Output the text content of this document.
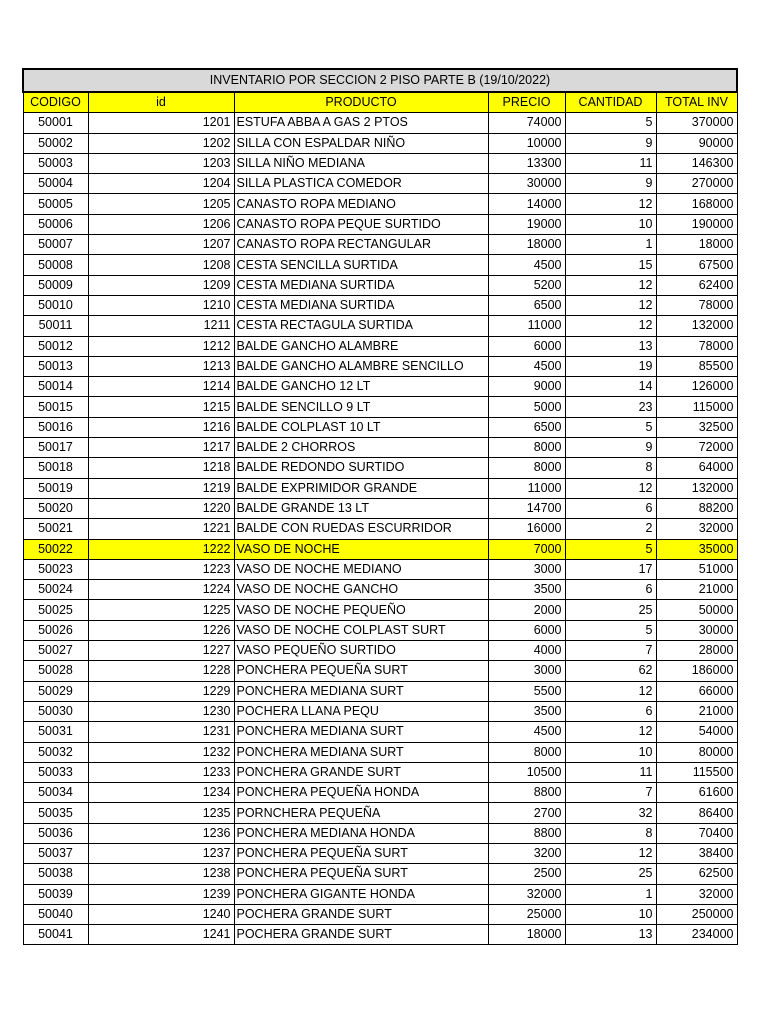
INVENTARIO POR SECCION 2 PISO PARTE B (19/10/2022)					
CODIGO	id	PRODUCTO	PRECIO	CANTIDAD	TOTAL INV
50001	1201	ESTUFA ABBA A GAS 2 PTOS	74000	5	370000
50002	1202	SILLA CON ESPALDAR NIÑO	10000	9	90000
50003	1203	SILLA NIÑO MEDIANA	13300	11	146300
50004	1204	SILLA PLASTICA COMEDOR	30000	9	270000
50005	1205	CANASTO ROPA MEDIANO	14000	12	168000
50006	1206	CANASTO ROPA PEQUE SURTIDO	19000	10	190000
50007	1207	CANASTO ROPA RECTANGULAR	18000	1	18000
50008	1208	CESTA SENCILLA SURTIDA	4500	15	67500
50009	1209	CESTA MEDIANA SURTIDA	5200	12	62400
50010	1210	CESTA MEDIANA SURTIDA	6500	12	78000
50011	1211	CESTA RECTAGULA SURTIDA	11000	12	132000
50012	1212	BALDE GANCHO ALAMBRE	6000	13	78000
50013	1213	BALDE GANCHO ALAMBRE SENCILLO	4500	19	85500
50014	1214	BALDE GANCHO 12 LT	9000	14	126000
50015	1215	BALDE SENCILLO 9 LT	5000	23	115000
50016	1216	BALDE COLPLAST 10 LT	6500	5	32500
50017	1217	BALDE 2 CHORROS	8000	9	72000
50018	1218	BALDE REDONDO SURTIDO	8000	8	64000
50019	1219	BALDE EXPRIMIDOR GRANDE	11000	12	132000
50020	1220	BALDE GRANDE 13 LT	14700	6	88200
50021	1221	BALDE CON RUEDAS ESCURRIDOR	16000	2	32000
50022	1222	VASO DE NOCHE	7000	5	35000
50023	1223	VASO DE NOCHE MEDIANO	3000	17	51000
50024	1224	VASO DE NOCHE GANCHO	3500	6	21000
50025	1225	VASO DE NOCHE PEQUEÑO	2000	25	50000
50026	1226	VASO DE NOCHE COLPLAST SURT	6000	5	30000
50027	1227	VASO PEQUEÑO SURTIDO	4000	7	28000
50028	1228	PONCHERA PEQUEÑA SURT	3000	62	186000
50029	1229	PONCHERA MEDIANA SURT	5500	12	66000
50030	1230	POCHERA LLANA PEQU	3500	6	21000
50031	1231	PONCHERA MEDIANA SURT	4500	12	54000
50032	1232	PONCHERA MEDIANA SURT	8000	10	80000
50033	1233	PONCHERA GRANDE SURT	10500	11	115500
50034	1234	PONCHERA PEQUEÑA HONDA	8800	7	61600
50035	1235	PORNCHERA PEQUEÑA	2700	32	86400
50036	1236	PONCHERA MEDIANA HONDA	8800	8	70400
50037	1237	PONCHERA PEQUEÑA SURT	3200	12	38400
50038	1238	PONCHERA PEQUEÑA SURT	2500	25	62500
50039	1239	PONCHERA GIGANTE HONDA	32000	1	32000
50040	1240	POCHERA GRANDE SURT	25000	10	250000
50041	1241	POCHERA GRANDE SURT	18000	13	234000
